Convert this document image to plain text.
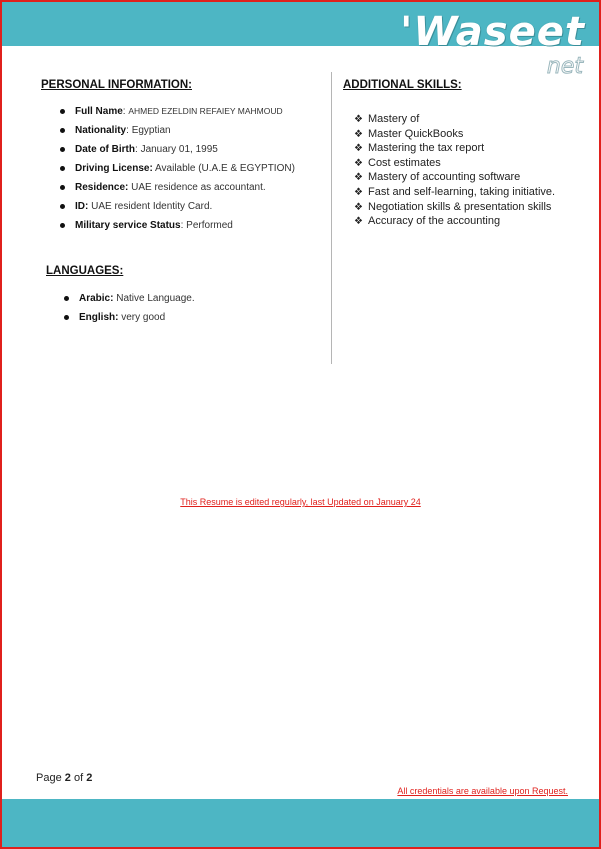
'Waseet
net
PERSONAL INFORMATION:
Full Name: AHMED EZELDIN REFAIEY MAHMOUD
Nationality: Egyptian
Date of Birth: January 01, 1995
Driving License: Available (U.A.E & EGYPTION)
Residence: UAE residence as accountant.
ID: UAE resident Identity Card.
Military service Status: Performed
LANGUAGES:
Arabic: Native Language.
English: very good
ADDITIONAL SKILLS:
❖ Mastery of
❖ Master QuickBooks
❖ Mastering the tax report
❖ Cost estimates
❖ Mastery of accounting software
❖ Fast and self-learning, taking initiative.
❖ Negotiation skills & presentation skills
❖ Accuracy of the accounting
This Resume is edited regularly, last Updated on January 24
Page 2 of 2
All credentials are available upon Request.
